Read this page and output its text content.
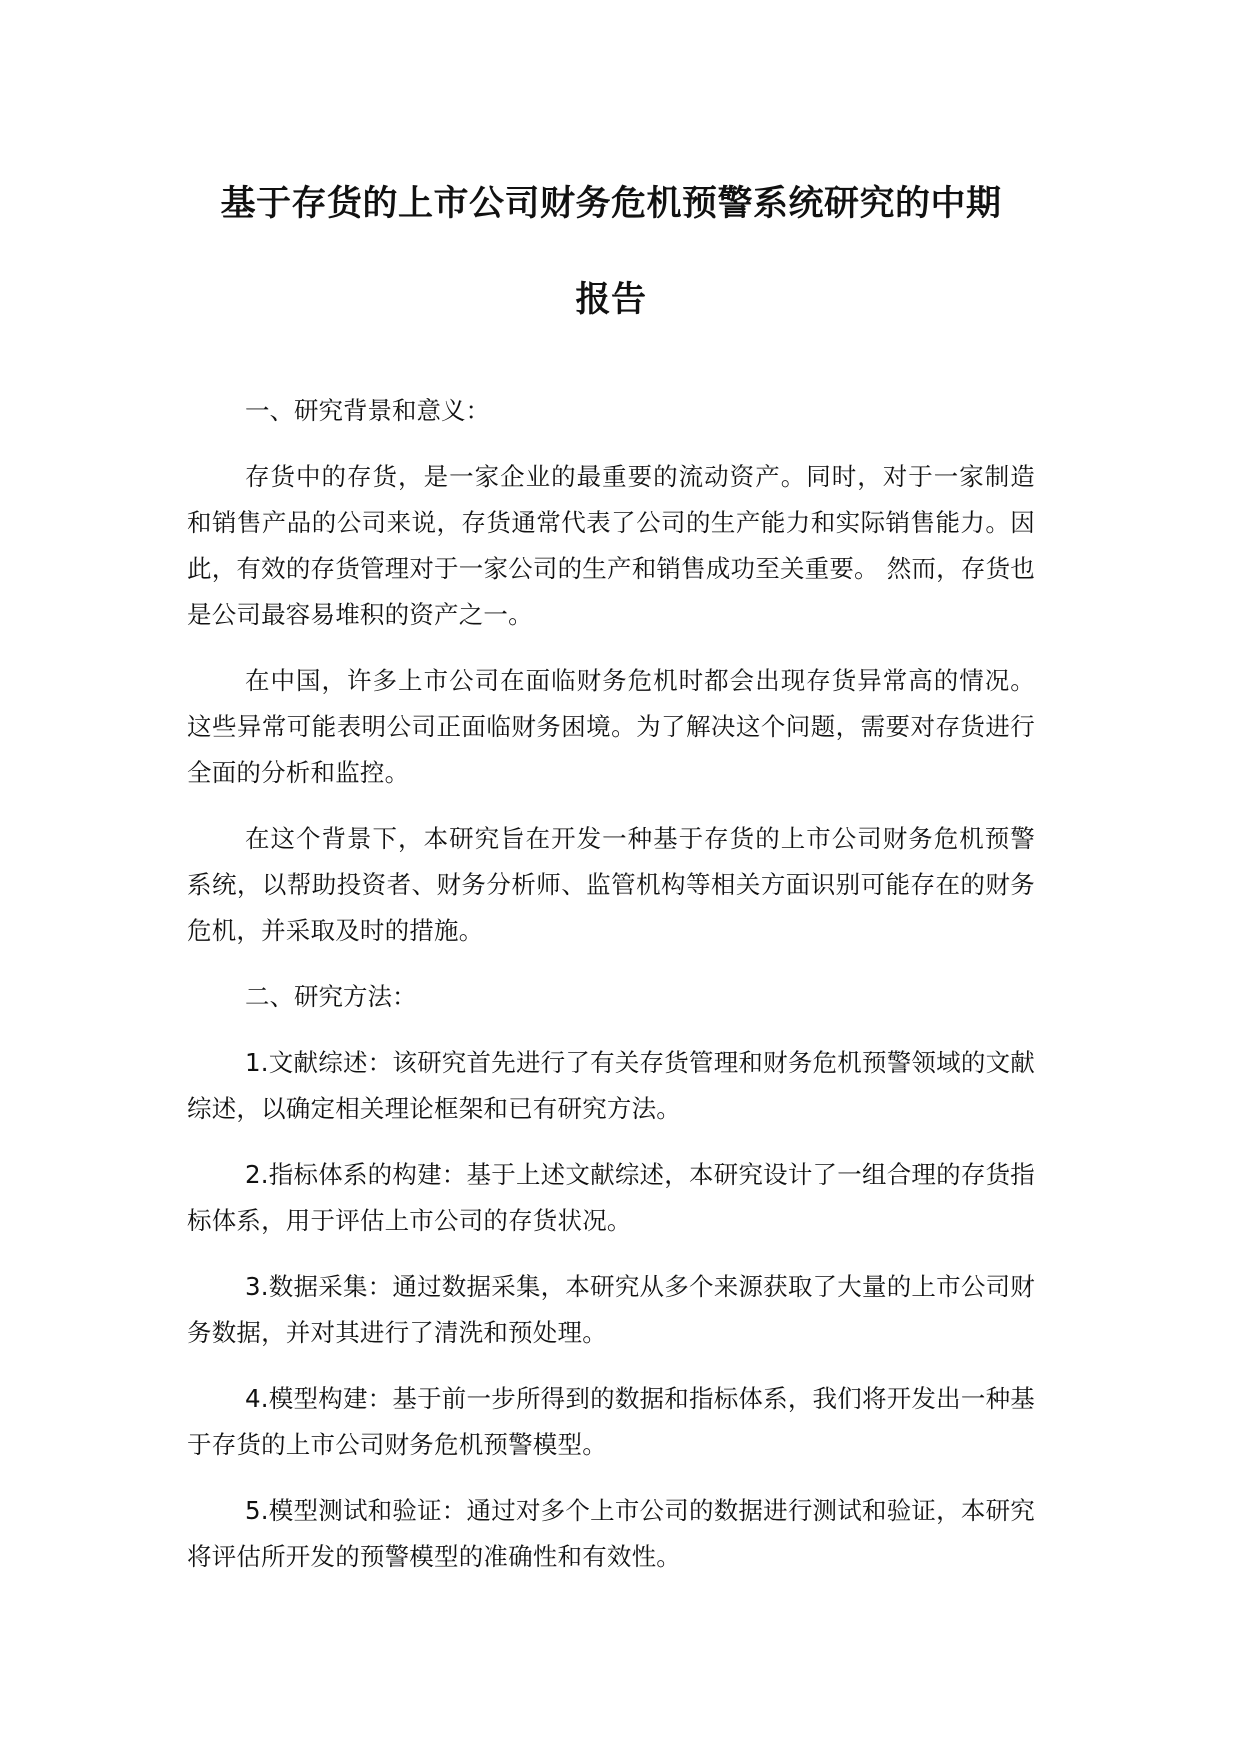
基于存货的上市公司财务危机预警系统研究的中期
报告

一、研究背景和意义：

存货中的存货，是一家企业的最重要的流动资产。同时，对于一家制造和销售产品的公司来说，存货通常代表了公司的生产能力和实际销售能力。因此，有效的存货管理对于一家公司的生产和销售成功至关重要。 然而，存货也是公司最容易堆积的资产之一。

在中国，许多上市公司在面临财务危机时都会出现存货异常高的情况。这些异常可能表明公司正面临财务困境。为了解决这个问题，需要对存货进行全面的分析和监控。

在这个背景下，本研究旨在开发一种基于存货的上市公司财务危机预警系统，以帮助投资者、财务分析师、监管机构等相关方面识别可能存在的财务危机，并采取及时的措施。

二、研究方法：

1.文献综述：该研究首先进行了有关存货管理和财务危机预警领域的文献综述，以确定相关理论框架和已有研究方法。

2.指标体系的构建：基于上述文献综述，本研究设计了一组合理的存货指标体系，用于评估上市公司的存货状况。

3.数据采集：通过数据采集，本研究从多个来源获取了大量的上市公司财务数据，并对其进行了清洗和预处理。

4.模型构建：基于前一步所得到的数据和指标体系，我们将开发出一种基于存货的上市公司财务危机预警模型。

5.模型测试和验证：通过对多个上市公司的数据进行测试和验证，本研究将评估所开发的预警模型的准确性和有效性。
